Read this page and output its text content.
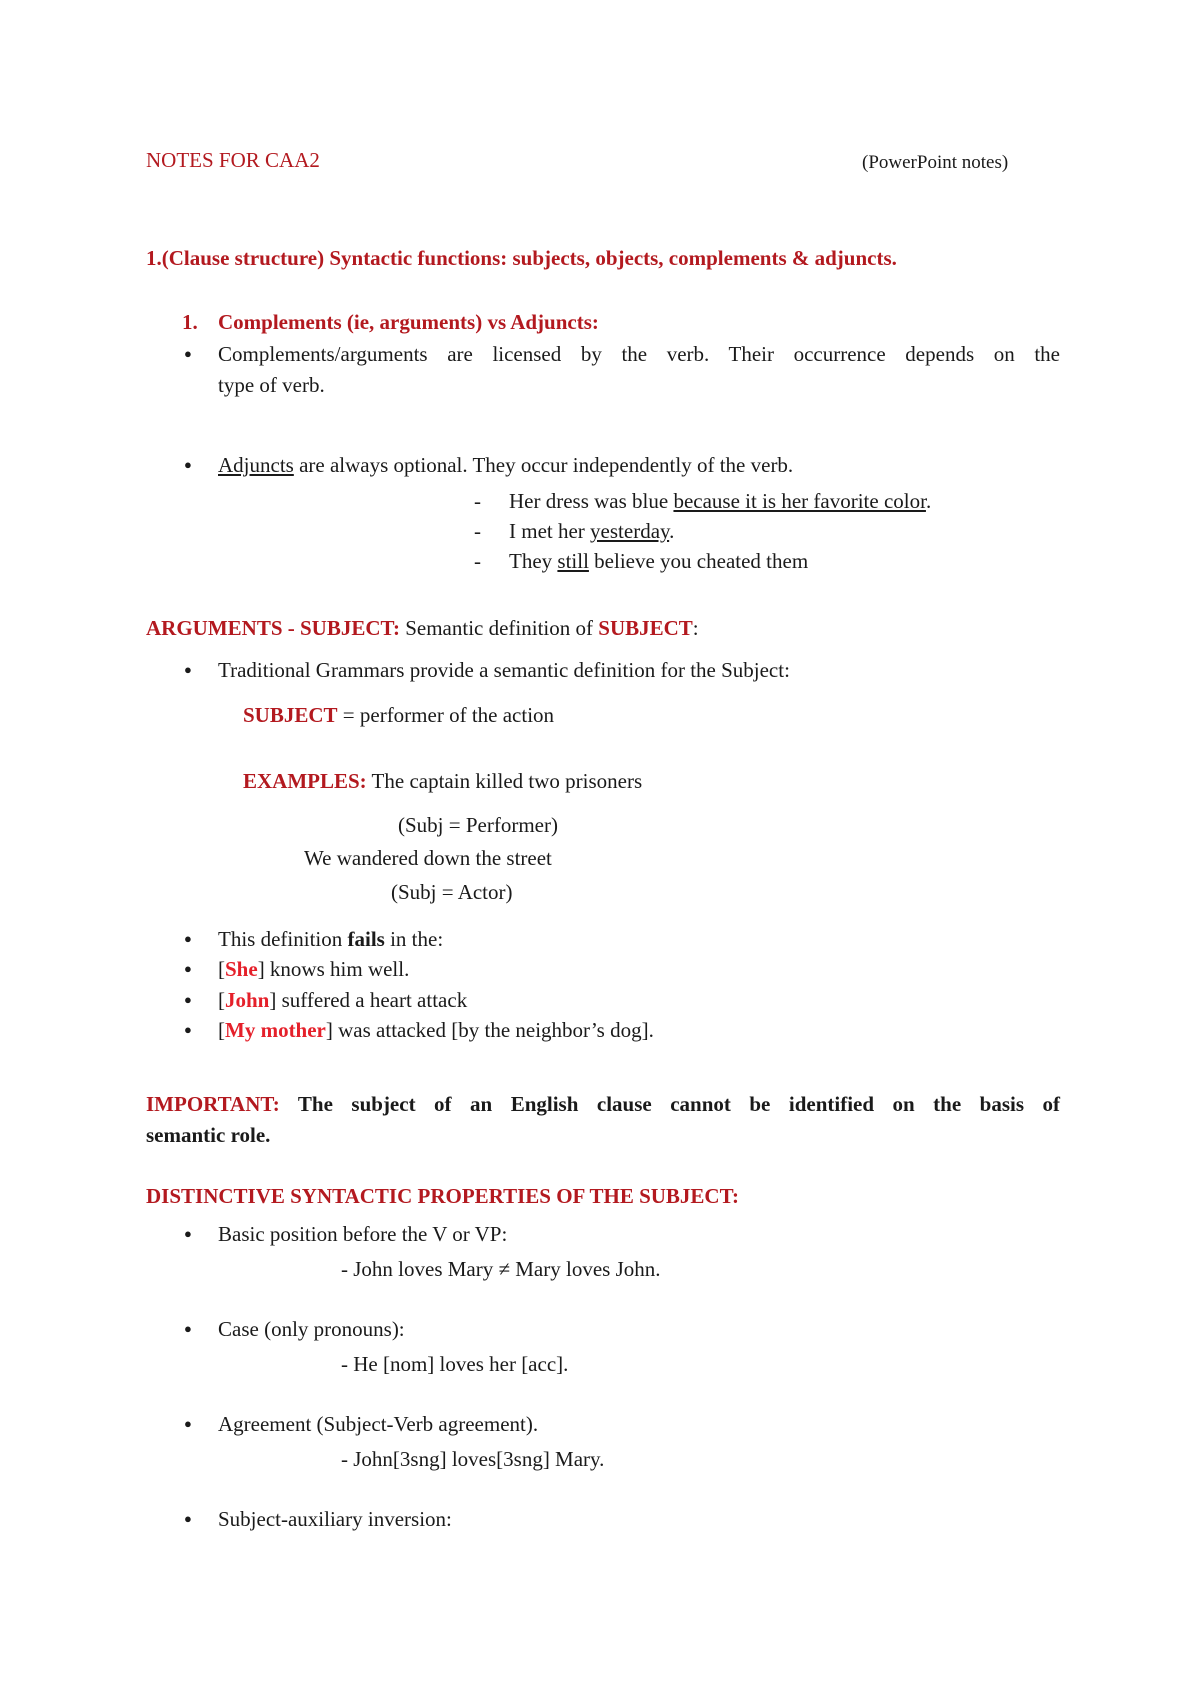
NOTES FOR CAA2	(PowerPoint notes)
1.(Clause structure) Syntactic functions: subjects, objects, complements & adjuncts.
1. Complements (ie, arguments) vs Adjuncts:
● Complements/arguments are licensed by the verb. Their occurrence depends on the
type of verb.
● Adjuncts are always optional. They occur independently of the verb.
- Her dress was blue because it is her favorite color.
- I met her yesterday.
- They still believe you cheated them
ARGUMENTS - SUBJECT: Semantic definition of SUBJECT:
● Traditional Grammars provide a semantic definition for the Subject:
SUBJECT = performer of the action
EXAMPLES: The captain killed two prisoners
(Subj = Performer)
We wandered down the street
(Subj = Actor)
● This definition fails in the:
● [She] knows him well.
● [John] suffered a heart attack
● [My mother] was attacked [by the neighbor’s dog].
IMPORTANT: The subject of an English clause cannot be identified on the basis of
semantic role.
DISTINCTIVE SYNTACTIC PROPERTIES OF THE SUBJECT:
● Basic position before the V or VP:
- John loves Mary ≠ Mary loves John.
● Case (only pronouns):
- He [nom] loves her [acc].
● Agreement (Subject-Verb agreement).
- John[3sng] loves[3sng] Mary.
● Subject-auxiliary inversion:
